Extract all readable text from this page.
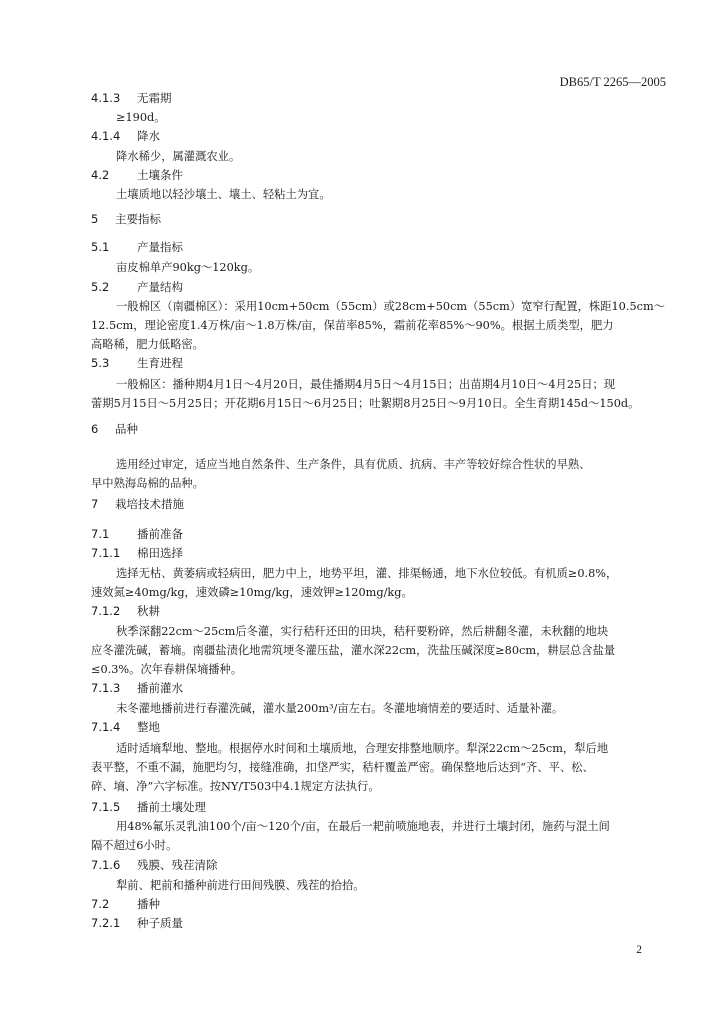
DB65/T 2265—2005
4.1.3 无霜期
≥190d。
4.1.4 降水
降水稀少，属灌溉农业。
4.2 土壤条件
土壤质地以轻沙壤土、壤土、轻粘土为宜。
5 主要指标
5.1 产量指标
亩皮棉单产90kg～120kg。
5.2 产量结构
一般棉区（南疆棉区）：采用10cm+50cm（55cm）或28cm+50cm（55cm）宽窄行配置，株距10.5cm～
12.5cm，理论密度1.4万株/亩～1.8万株/亩，保苗率85%，霜前花率85%～90%。根据土质类型，肥力
高略稀，肥力低略密。
5.3 生育进程
一般棉区：播种期4月1日～4月20日，最佳播期4月5日～4月15日；出苗期4月10日～4月25日；现
蕾期5月15日～5月25日；开花期6月15日～6月25日；吐絮期8月25日～9月10日。全生育期145d～150d。
6 品种
选用经过审定，适应当地自然条件、生产条件，具有优质、抗病、丰产等较好综合性状的早熟、
早中熟海岛棉的品种。
7 栽培技术措施
7.1 播前准备
7.1.1 棉田选择
选择无枯、黄萎病或轻病田，肥力中上，地势平坦，灌、排渠畅通，地下水位较低。有机质≥0.8%，
速效氮≥40mg/kg，速效磷≥10mg/kg，速效钾≥120mg/kg。
7.1.2 秋耕
秋季深翻22cm～25cm后冬灌，实行秸秆还田的田块，秸秆要粉碎，然后耕翻冬灌，未秋翻的地块
应冬灌洗碱，蓄墒。南疆盐渍化地需筑埂冬灌压盐，灌水深22cm，洗盐压碱深度≥80cm，耕层总含盐量
≤0.3%。次年春耕保墒播种。
7.1.3 播前灌水
未冬灌地播前进行春灌洗碱，灌水量200m³/亩左右。冬灌地墒情差的要适时、适量补灌。
7.1.4 整地
适时适墒犁地、整地。根据停水时间和土壤质地，合理安排整地顺序。犁深22cm～25cm，犁后地
表平整，不重不漏，施肥均匀，接缝准确，扣垡严实，秸杆覆盖严密。确保整地后达到“齐、平、松、
碎、墒、净”六字标准。按NY/T503中4.1规定方法执行。
7.1.5 播前土壤处理
用48%氟乐灵乳油100个/亩～120个/亩，在最后一耙前喷施地表，并进行土壤封闭，施药与混土间
隔不超过6小时。
7.1.6 残膜、残茬清除
犁前、耙前和播种前进行田间残膜、残茬的拾拾。
7.2 播种
7.2.1 种子质量
2
